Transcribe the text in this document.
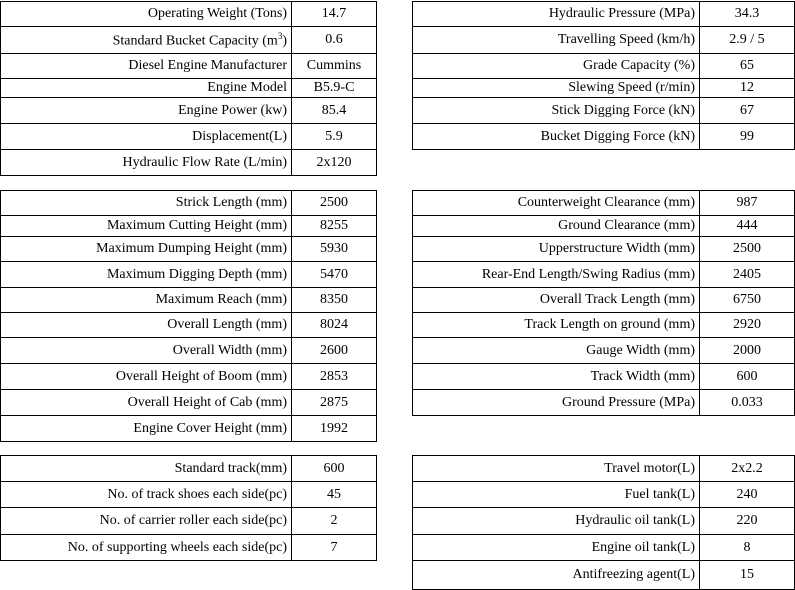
Operating Weight (Tons)	14.7
Standard Bucket Capacity $(m^3)$	0.6
Diesel Engine Manufacturer	Cummins
Engine Model	B5.9-C
Engine Power (kw)	85.4
Displacement(L)	5.9
Hydraulic Flow Rate (L/min)	2x120
Hydraulic Pressure (MPa)	34.3
Travelling Speed (km/h)	2.9 / 5
Grade Capacity (%)	65
Slewing Speed (r/min)	12
Stick Digging Force (kN)	67
Bucket Digging Force (kN)	99
Strick Length (mm)	2500
Maximum Cutting Height (mm)	8255
Maximum Dumping Height (mm)	5930
Maximum Digging Depth (mm)	5470
Maximum Reach (mm)	8350
Overall Length (mm)	8024
Overall Width (mm)	2600
Overall Height of Boom (mm)	2853
Overall Height of Cab (mm)	2875
Engine Cover Height (mm)	1992
Counterweight Clearance (mm)	987
Ground Clearance (mm)	444
Upperstructure Width (mm)	2500
Rear-End Length/Swing Radius (mm)	2405
Overall Track Length (mm)	6750
Track Length on ground (mm)	2920
Gauge Width (mm)	2000
Track Width (mm)	600
Ground Pressure (MPa)	0.033
Standard track(mm)	600
No. of track shoes each side(pc)	45
No. of carrier roller each side(pc)	2
No. of supporting wheels each side(pc)	7
Travel motor(L)	2x2.2
Fuel tank(L)	240
Hydraulic oil tank(L)	220
Engine oil tank(L)	8
Antifreezing agent(L)	15
